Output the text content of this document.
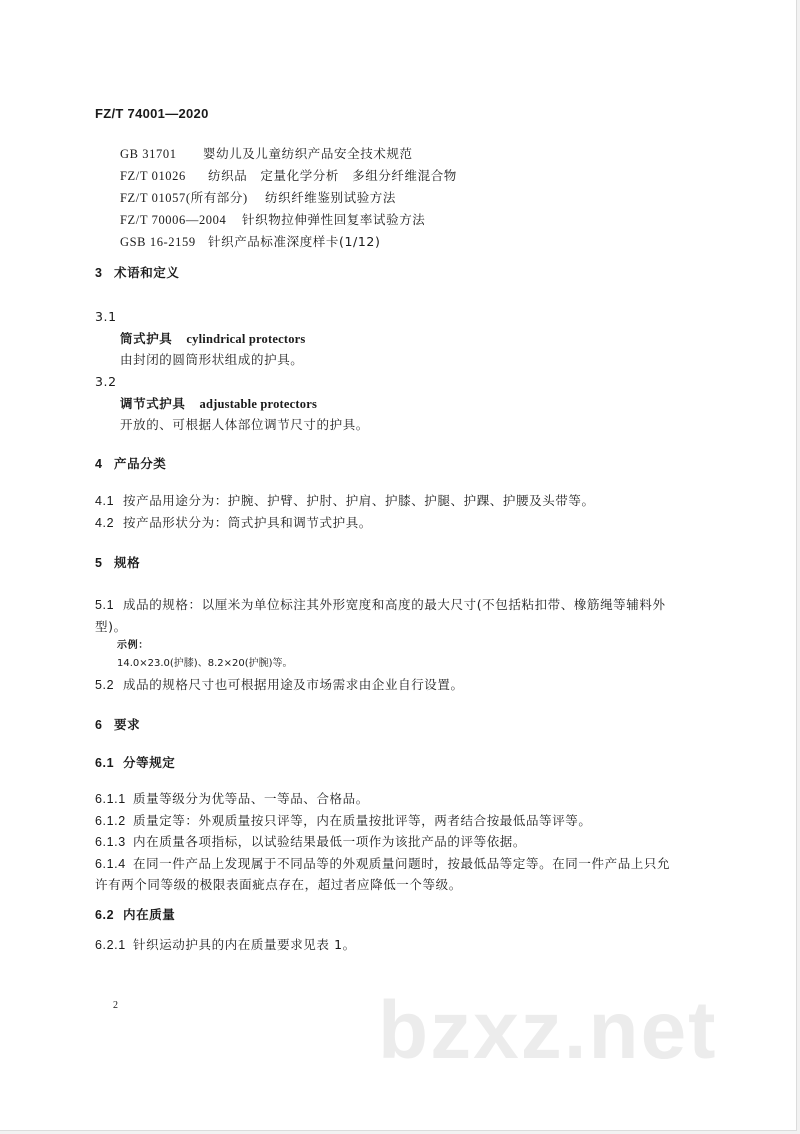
FZ/T 74001—2020
GB 31701 婴幼儿及儿童纺织产品安全技术规范
FZ/T 01026 纺织品　定量化学分析　多组分纤维混合物
FZ/T 01057(所有部分) 纺织纤维鉴别试验方法
FZ/T 70006—2004 针织物拉伸弹性回复率试验方法
GSB 16-2159 针织产品标准深度样卡(1/12)
3 术语和定义
3.1
筒式护具 cylindrical protectors
由封闭的圆筒形状组成的护具。
3.2
调节式护具 adjustable protectors
开放的、可根据人体部位调节尺寸的护具。
4 产品分类
4.1 按产品用途分为：护腕、护臂、护肘、护肩、护膝、护腿、护踝、护腰及头带等。
4.2 按产品形状分为：筒式护具和调节式护具。
5 规格
5.1 成品的规格：以厘米为单位标注其外形宽度和高度的最大尺寸(不包括粘扣带、橡筋绳等辅料外
型)。
示例：
14.0×23.0(护膝)、8.2×20(护腕)等。
5.2 成品的规格尺寸也可根据用途及市场需求由企业自行设置。
6 要求
6.1 分等规定
6.1.1 质量等级分为优等品、一等品、合格品。
6.1.2 质量定等：外观质量按只评等，内在质量按批评等，两者结合按最低品等评等。
6.1.3 内在质量各项指标，以试验结果最低一项作为该批产品的评等依据。
6.1.4 在同一件产品上发现属于不同品等的外观质量问题时，按最低品等定等。在同一件产品上只允
许有两个同等级的极限表面疵点存在，超过者应降低一个等级。
6.2 内在质量
6.2.1 针织运动护具的内在质量要求见表 1。
2	bzxz.net
